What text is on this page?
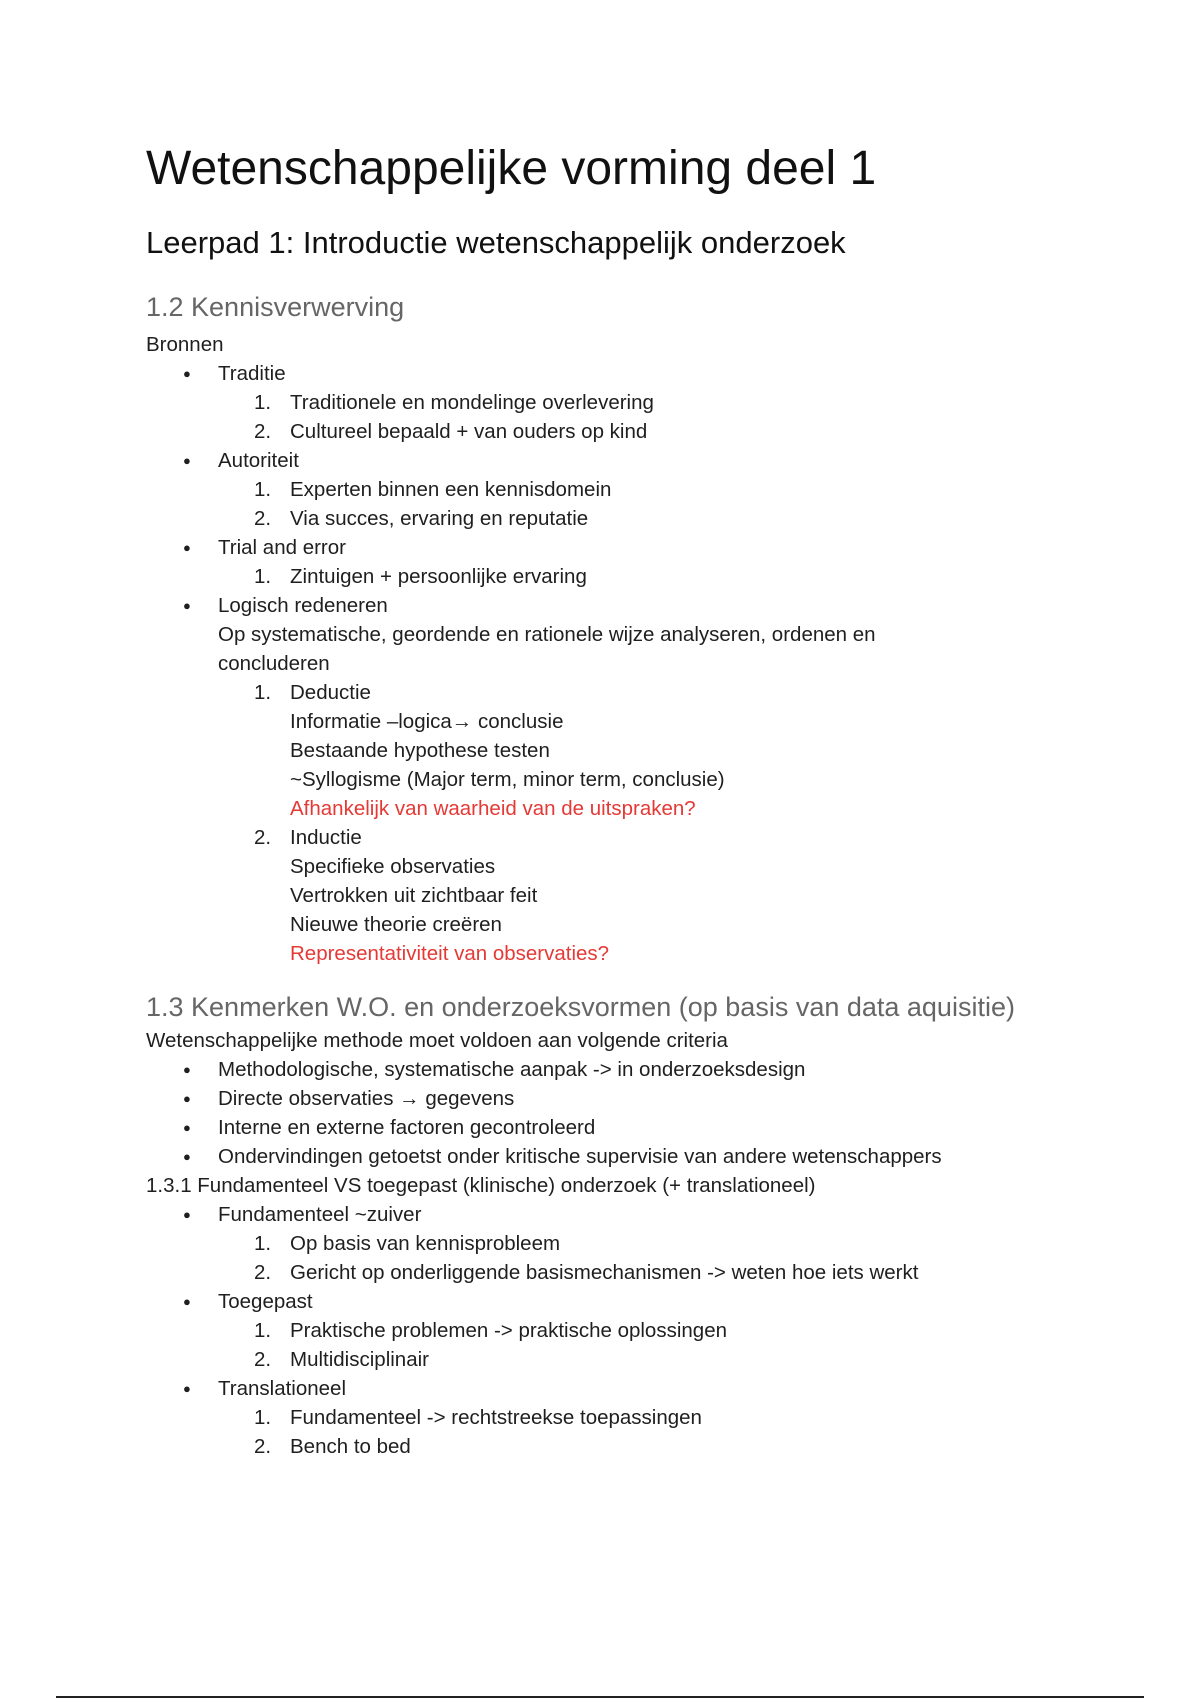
Wetenschappelijke vorming deel 1
Leerpad 1: Introductie wetenschappelijk onderzoek
1.2 Kennisverwerving

Bronnen

● Traditie

1. Traditionele en mondelinge overlevering

2. Cultureel bepaald + van ouders op kind

● Autoriteit

1. Experten binnen een kennisdomein

2. Via succes, ervaring en reputatie

● Trial and error

1. Zintuigen + persoonlijke ervaring

● Logisch redeneren

Op systematische, geordende en rationele wijze analyseren, ordenen en

concluderen

1. Deductie

Informatie –logica→ conclusie

Bestaande hypothese testen

~Syllogisme (Major term, minor term, conclusie)

Afhankelijk van waarheid van de uitspraken?

2. Inductie

Specifieke observaties

Vertrokken uit zichtbaar feit

Nieuwe theorie creëren

Representativiteit van observaties?

1.3 Kenmerken W.O. en onderzoeksvormen (op basis van data aquisitie)

Wetenschappelijke methode moet voldoen aan volgende criteria

● Methodologische, systematische aanpak -> in onderzoeksdesign

● Directe observaties → gegevens

● Interne en externe factoren gecontroleerd

● Ondervindingen getoetst onder kritische supervisie van andere wetenschappers

1.3.1 Fundamenteel VS toegepast (klinische) onderzoek (+ translationeel)

● Fundamenteel ~zuiver

1. Op basis van kennisprobleem

2. Gericht op onderliggende basismechanismen -> weten hoe iets werkt

● Toegepast

1. Praktische problemen -> praktische oplossingen

2. Multidisciplinair

● Translationeel

1. Fundamenteel -> rechtstreekse toepassingen

2. Bench to bed
